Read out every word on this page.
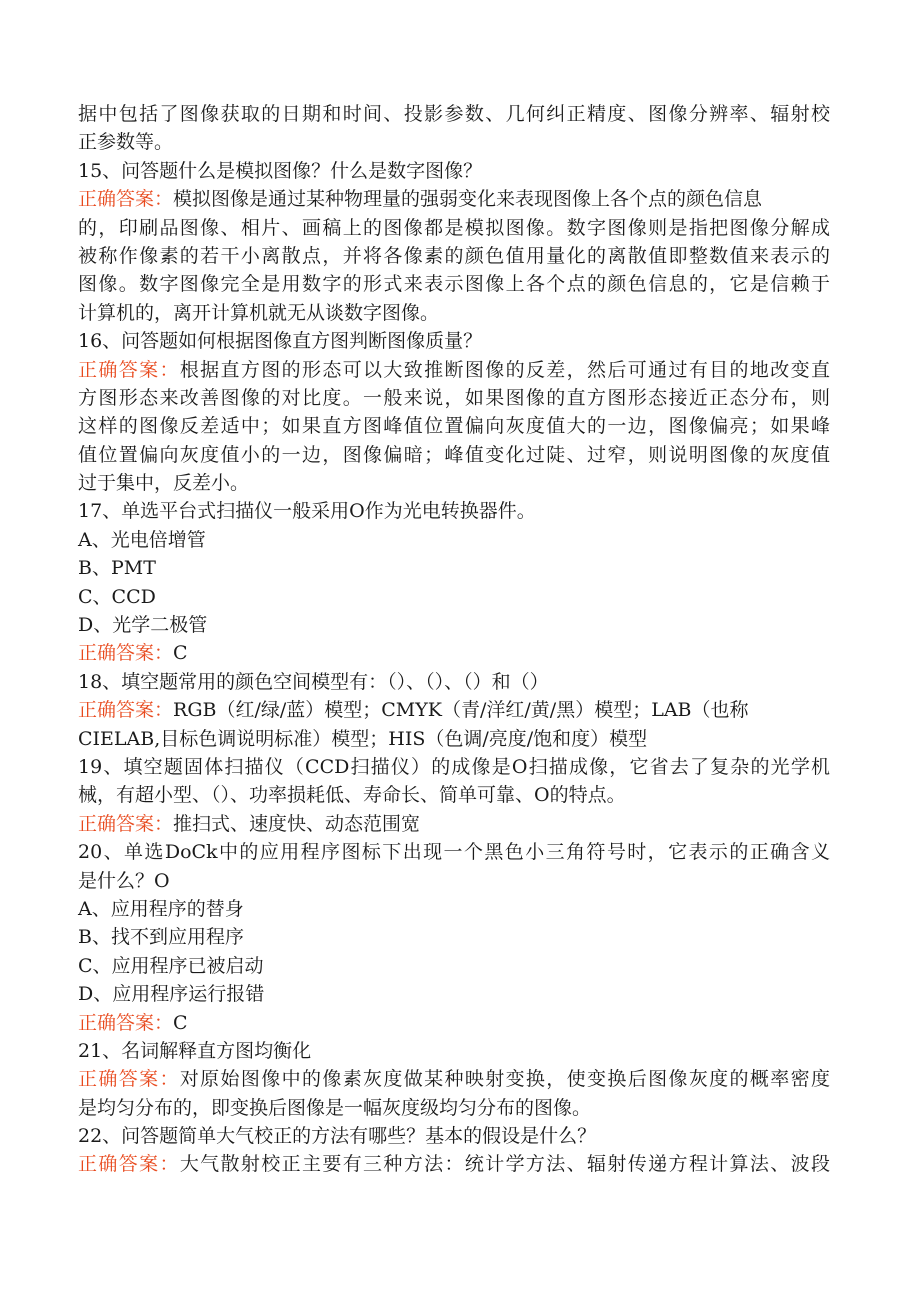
据中包括了图像获取的日期和时间、投影参数、几何纠正精度、图像分辨率、辐射校
正参数等。
15、问答题什么是模拟图像？什么是数字图像？
正确答案：模拟图像是通过某种物理量的强弱变化来表现图像上各个点的颜色信息
的，印刷品图像、相片、画稿上的图像都是模拟图像。数字图像则是指把图像分解成
被称作像素的若干小离散点，并将各像素的颜色值用量化的离散值即整数值来表示的
图像。数字图像完全是用数字的形式来表示图像上各个点的颜色信息的，它是信赖于
计算机的，离开计算机就无从谈数字图像。
16、问答题如何根据图像直方图判断图像质量？
正确答案：根据直方图的形态可以大致推断图像的反差，然后可通过有目的地改变直
方图形态来改善图像的对比度。一般来说，如果图像的直方图形态接近正态分布，则
这样的图像反差适中；如果直方图峰值位置偏向灰度值大的一边，图像偏亮；如果峰
值位置偏向灰度值小的一边，图像偏暗；峰值变化过陡、过窄，则说明图像的灰度值
过于集中，反差小。
17、单选平台式扫描仪一般采用O作为光电转换器件。
A、光电倍增管
B、PMT
C、CCD
D、光学二极管
正确答案：C
18、填空题常用的颜色空间模型有：（）、（）、（）和（）
正确答案：RGB（红/绿/蓝）模型；CMYK（青/洋红/黄/黑）模型；LAB（也称
CIELAB,目标色调说明标准）模型；HIS（色调/亮度/饱和度）模型
19、填空题固体扫描仪（CCD扫描仪）的成像是O扫描成像，它省去了复杂的光学机
械，有超小型、（）、功率损耗低、寿命长、简单可靠、O的特点。
正确答案：推扫式、速度快、动态范围宽
20、单选DoCk中的应用程序图标下出现一个黑色小三角符号时，它表示的正确含义
是什么？O
A、应用程序的替身
B、找不到应用程序
C、应用程序已被启动
D、应用程序运行报错
正确答案：C
21、名词解释直方图均衡化
正确答案：对原始图像中的像素灰度做某种映射变换，使变换后图像灰度的概率密度
是均匀分布的，即变换后图像是一幅灰度级均匀分布的图像。
22、问答题简单大气校正的方法有哪些？基本的假设是什么？
正确答案：大气散射校正主要有三种方法：统计学方法、辐射传递方程计算法、波段
